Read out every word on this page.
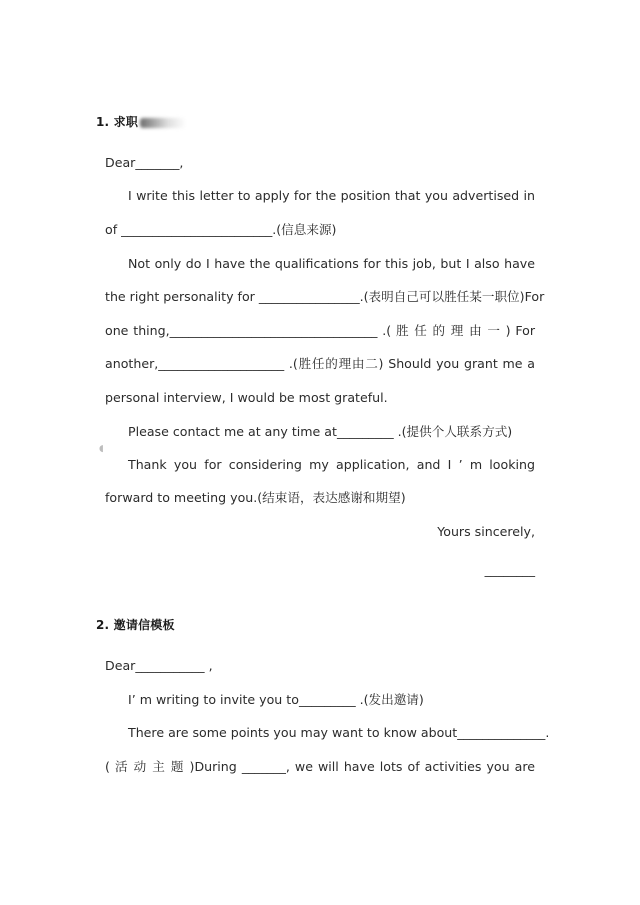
1. 求职
Dear_______,
I write this letter to apply for the position that you advertised in
of ________________________.(信息来源)
Not only do I have the qualifications for this job, but I also have
the right personality for ________________.(表明自己可以胜任某一职位)For
one thing,_________________________________ .( 胜 任 的 理 由 一 ) For
another,____________________ .(胜任的理由二) Should you grant me a
personal interview, I would be most grateful.
Please contact me at any time at_________ .(提供个人联系方式)
◖
Thank you for considering my application, and I ’ m looking
forward to meeting you.(结束语，表达感谢和期望)
Yours sincerely,
________
2. 邀请信模板
Dear___________ ,
I’ m writing to invite you to_________ .(发出邀请)
There are some points you may want to know about______________.
( 活 动 主 题 )During _______, we will have lots of activities you are
